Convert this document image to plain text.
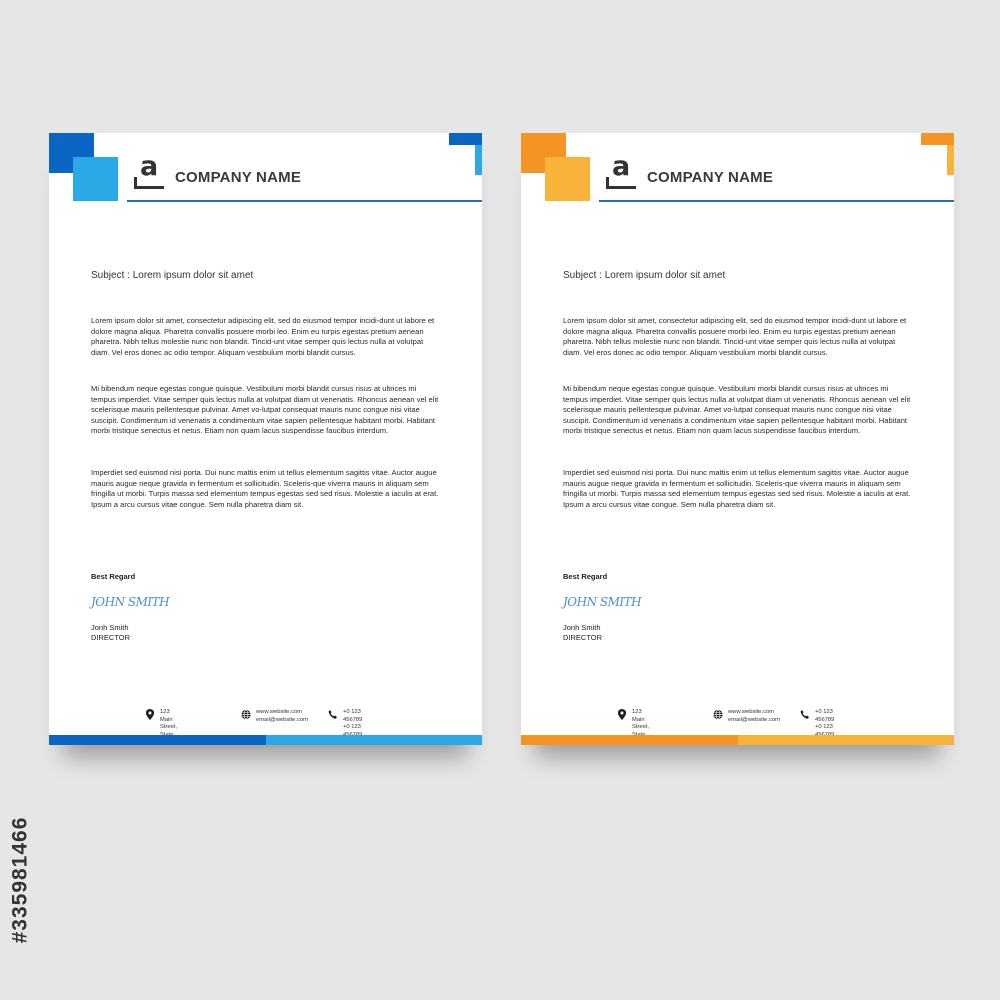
#335981466
a COMPANY NAME
Subject : Lorem ipsum dolor sit amet

Lorem ipsum dolor sit amet, consectetur adipiscing elit, sed do eiusmod tempor incidi-dunt ut labore et dolore magna aliqua. Pharetra convallis posuere morbi leo. Enim eu turpis egestas pretium aenean pharetra. Nibh tellus molestie nunc non blandit. Tincid-unt vitae semper quis lectus nulla at volutpat diam. Vel eros donec ac odio tempor. Aliquam vestibulum morbi blandit cursus.

Mi bibendum neque egestas congue quisque. Vestibulum morbi blandit cursus risus at ultrices mi tempus imperdiet. Vitae semper quis lectus nulla at volutpat diam ut venenatis. Rhoncus aenean vel elit scelerisque mauris pellentesque pulvinar. Amet vo-lutpat consequat mauris nunc congue nisi vitae suscipit. Condimentum id venenatis a condimentum vitae sapien pellentesque habitant morbi. Habitant morbi tristique senectus et netus. Etiam non quam lacus suspendisse faucibus interdum.

Imperdiet sed euismod nisi porta. Dui nunc mattis enim ut tellus elementum sagittis vitae. Auctor augue mauris augue neque gravida in fermentum et sollicitudin. Sceleris-que viverra mauris in aliquam sem fringilla ut morbi. Turpis massa sed elementum tempus egestas sed sed risus. Molestie a iaculis at erat. Ipsum a arcu cursus vitae congue. Sem nulla pharetra diam sit.

Best Regard
JOHN SMITH
Jonh Smith
DIRECTOR
123 Main Street,
www.website.com
email@website.com
+0 123 456789
+0 123
a COMPANY NAME
Subject : Lorem ipsum dolor sit amet

Lorem ipsum dolor sit amet, consectetur adipiscing elit, sed do eiusmod tempor incidi-dunt ut labore et dolore magna aliqua. Pharetra convallis posuere morbi leo. Enim eu turpis egestas pretium aenean pharetra. Nibh tellus molestie nunc non blandit. Tincid-unt vitae semper quis lectus nulla at volutpat diam. Vel eros donec ac odio tempor. Aliquam vestibulum morbi blandit cursus.

Mi bibendum neque egestas congue quisque. Vestibulum morbi blandit cursus risus at ultrices mi tempus imperdiet. Vitae semper quis lectus nulla at volutpat diam ut venenatis. Rhoncus aenean vel elit scelerisque mauris pellentesque pulvinar. Amet vo-lutpat consequat mauris nunc congue nisi vitae suscipit. Condimentum id venenatis a condimentum vitae sapien pellentesque habitant morbi. Habitant morbi tristique senectus et netus. Etiam non quam lacus suspendisse faucibus interdum.

Imperdiet sed euismod nisi porta. Dui nunc mattis enim ut tellus elementum sagittis vitae. Auctor augue mauris augue neque gravida in fermentum et sollicitudin. Sceleris-que viverra mauris in aliquam sem fringilla ut morbi. Turpis massa sed elementum tempus egestas sed sed risus. Molestie a iaculis at erat. Ipsum a arcu cursus vitae congue. Sem nulla pharetra diam sit.

Best Regard
JOHN SMITH
Jonh Smith
DIRECTOR
123 Main Street,
www.website.com
email@website.com
+0 123 456789
+0 123
